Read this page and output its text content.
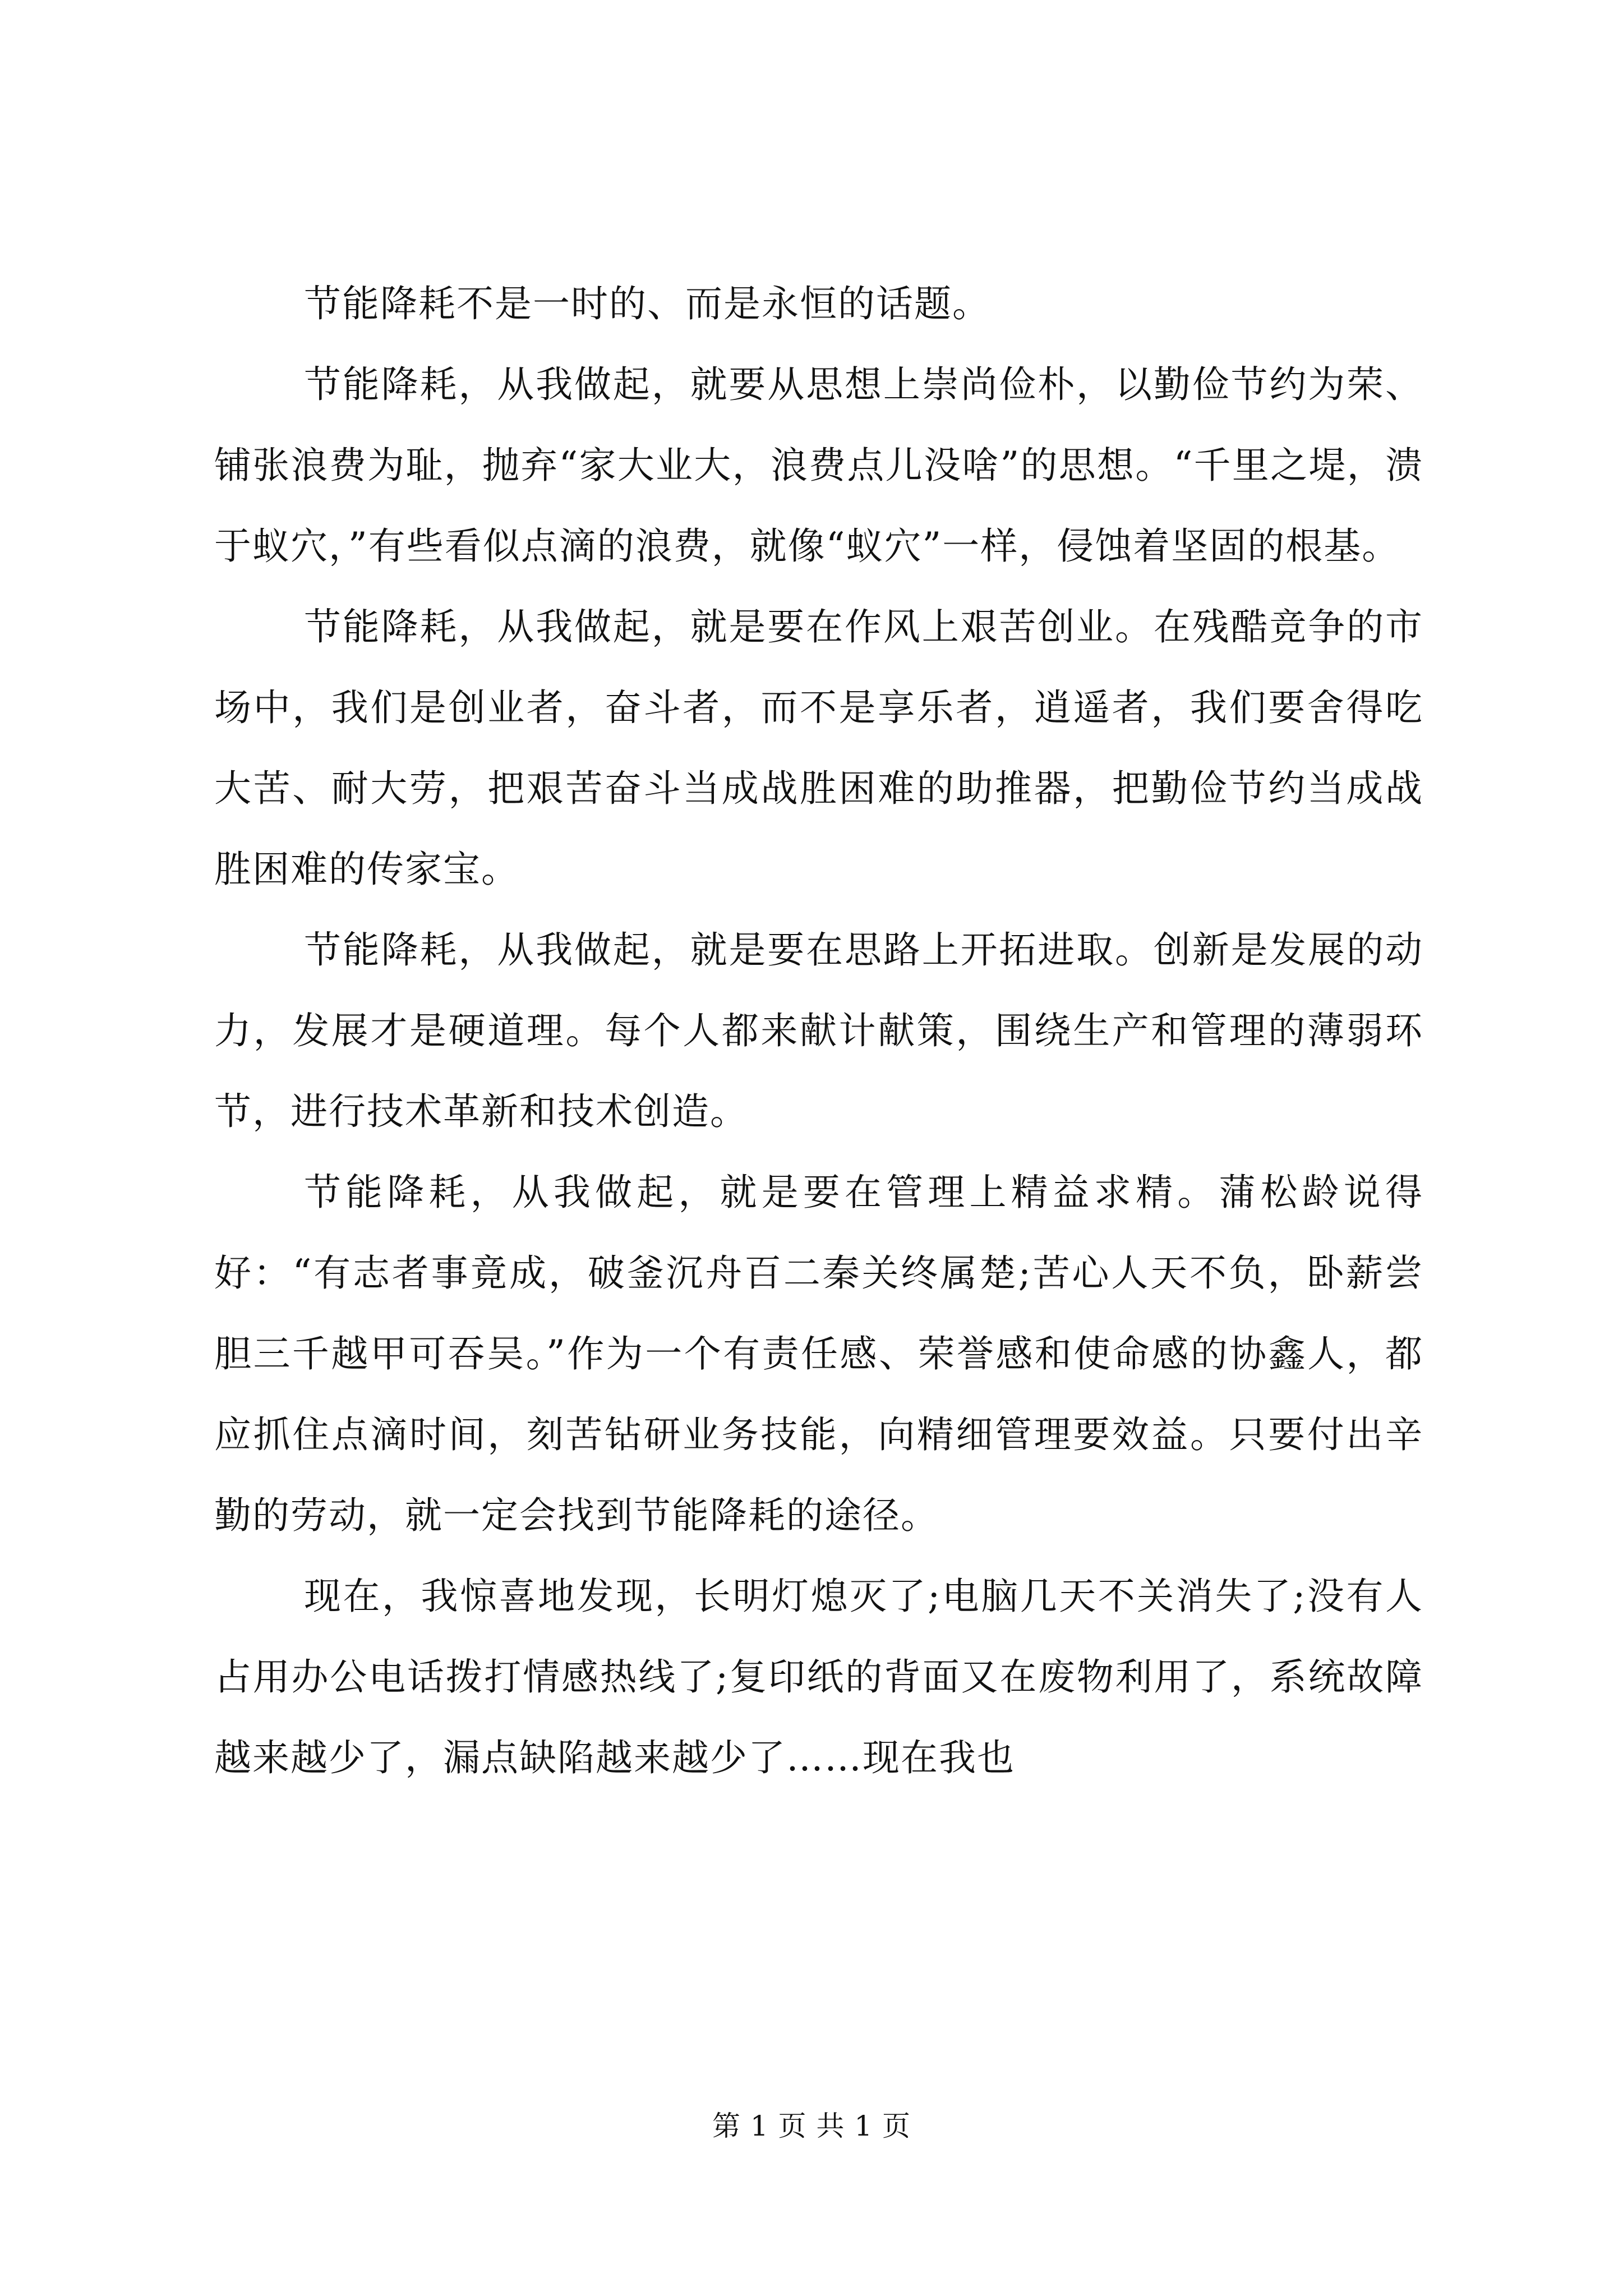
节能降耗不是一时的、而是永恒的话题。

节能降耗，从我做起，就要从思想上崇尚俭朴，以勤俭节约为荣、铺张浪费为耻，抛弃“家大业大，浪费点儿没啥”的思想。“千里之堤，溃于蚁穴，”有些看似点滴的浪费，就像“蚁穴”一样，侵蚀着坚固的根基。

节能降耗，从我做起，就是要在作风上艰苦创业。在残酷竞争的市场中，我们是创业者，奋斗者，而不是享乐者，逍遥者，我们要舍得吃大苦、耐大劳，把艰苦奋斗当成战胜困难的助推器，把勤俭节约当成战胜困难的传家宝。

节能降耗，从我做起，就是要在思路上开拓进取。创新是发展的动力，发展才是硬道理。每个人都来献计献策，围绕生产和管理的薄弱环节，进行技术革新和技术创造。

节能降耗，从我做起，就是要在管理上精益求精。蒲松龄说得好：“有志者事竟成，破釜沉舟百二秦关终属楚;苦心人天不负，卧薪尝胆三千越甲可吞吴。”作为一个有责任感、荣誉感和使命感的协鑫人，都应抓住点滴时间，刻苦钻研业务技能，向精细管理要效益。只要付出辛勤的劳动，就一定会找到节能降耗的途径。

现在，我惊喜地发现，长明灯熄灭了;电脑几天不关消失了;没有人占用办公电话拨打情感热线了;复印纸的背面又在废物利用了，系统故障越来越少了，漏点缺陷越来越少了……现在我也

第 1 页 共 1 页
